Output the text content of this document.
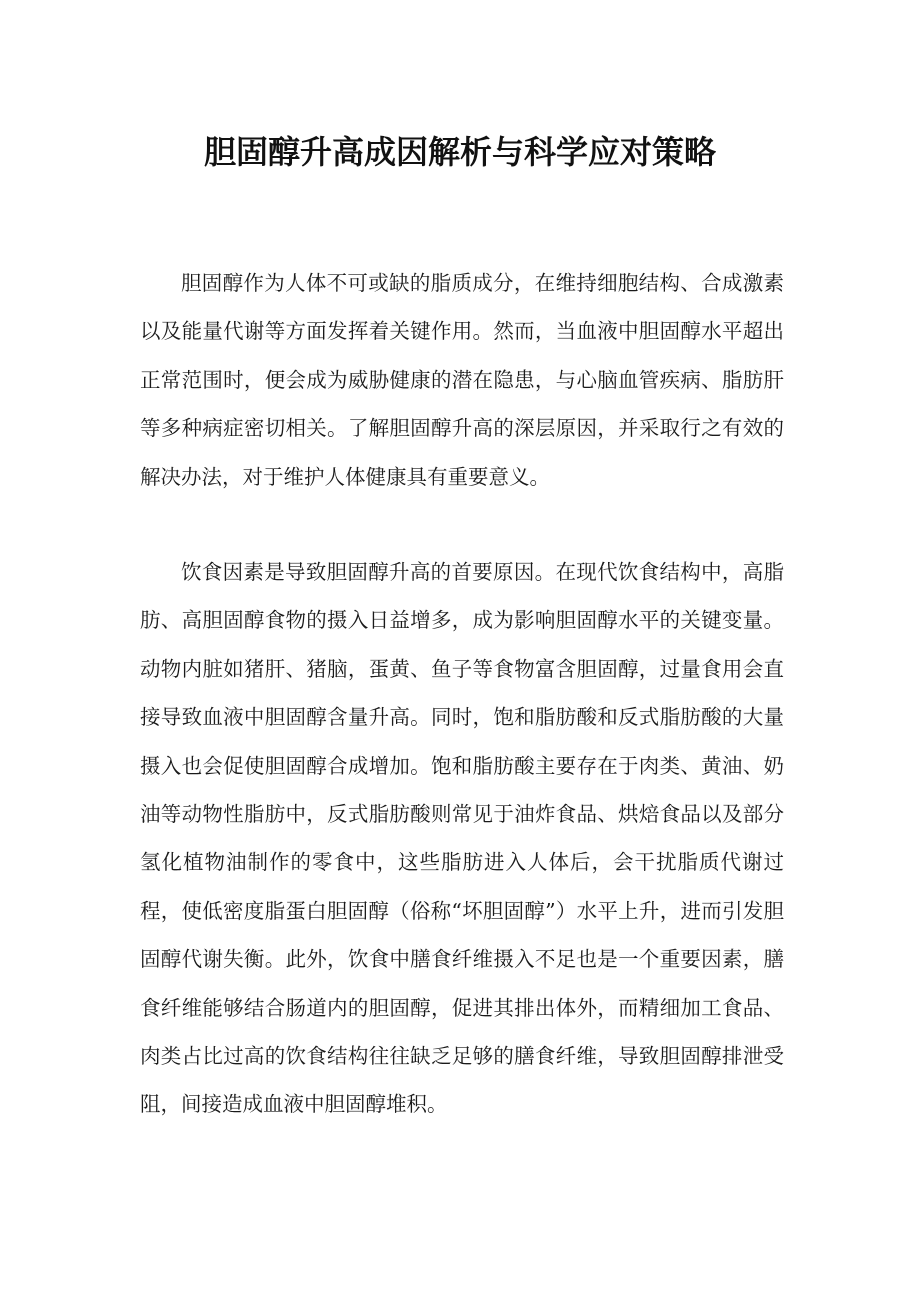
胆固醇升高成因解析与科学应对策略

胆固醇作为人体不可或缺的脂质成分，在维持细胞结构、合成激素以及能量代谢等方面发挥着关键作用。然而，当血液中胆固醇水平超出正常范围时，便会成为威胁健康的潜在隐患，与心脑血管疾病、脂肪肝等多种病症密切相关。了解胆固醇升高的深层原因，并采取行之有效的解决办法，对于维护人体健康具有重要意义。

饮食因素是导致胆固醇升高的首要原因。在现代饮食结构中，高脂肪、高胆固醇食物的摄入日益增多，成为影响胆固醇水平的关键变量。动物内脏如猪肝、猪脑，蛋黄、鱼子等食物富含胆固醇，过量食用会直接导致血液中胆固醇含量升高。同时，饱和脂肪酸和反式脂肪酸的大量摄入也会促使胆固醇合成增加。饱和脂肪酸主要存在于肉类、黄油、奶油等动物性脂肪中，反式脂肪酸则常见于油炸食品、烘焙食品以及部分氢化植物油制作的零食中，这些脂肪进入人体后，会干扰脂质代谢过程，使低密度脂蛋白胆固醇（俗称“坏胆固醇”）水平上升，进而引发胆固醇代谢失衡。此外，饮食中膳食纤维摄入不足也是一个重要因素，膳食纤维能够结合肠道内的胆固醇，促进其排出体外，而精细加工食品、肉类占比过高的饮食结构往往缺乏足够的膳食纤维，导致胆固醇排泄受阻，间接造成血液中胆固醇堆积。
